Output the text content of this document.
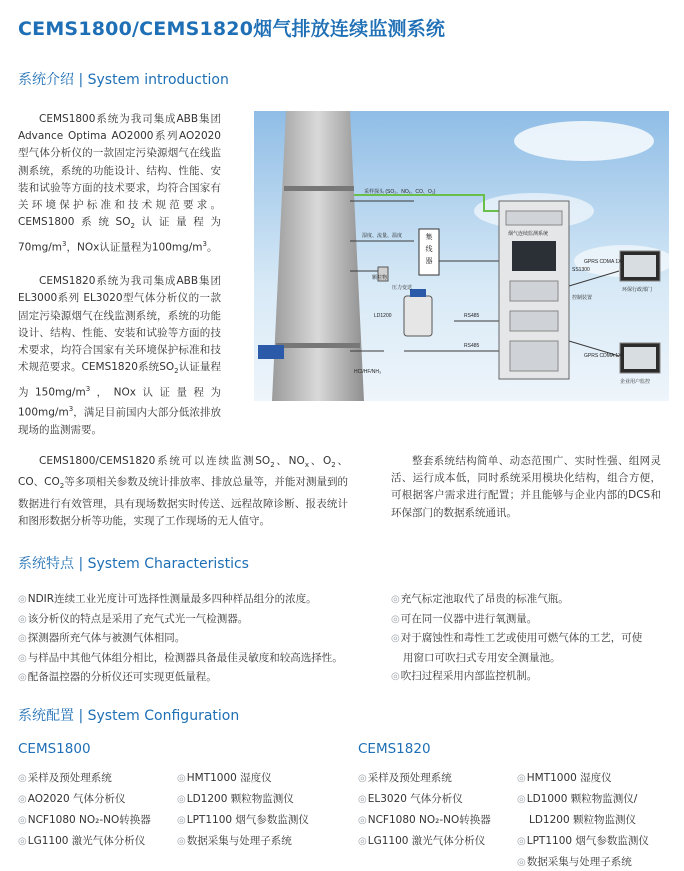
CEMS1800/CEMS1820烟气排放连续监测系统
系统介绍 | System introduction

CEMS1800系统为我司集成ABB集团Advance Optima AO2000系列AO2020型气体分析仪的一款固定污染源烟气在线监测系统，系统的功能设计、结构、性能、安装和试验等方面的技术要求，均符合国家有关环境保护标准和技术规范要求。CEMS1800系统$SO_2$认证量程为$70mg/m^3$，NOx认证量程为$100mg/m^3$。

CEMS1820系统为我司集成ABB集团EL3000系列 EL3020型气体分析仪的一款固定污染源烟气在线监测系统，系统的功能设计、结构、性能、安装和试验等方面的技术要求，均符合国家有关环境保护标准和技术规范要求。CEMS1820系统$SO_2$认证量程为$150mg/m^3$，NOx认证量程为$100mg/m^3$，满足目前国内大部分低浓排放现场的监测需要。

集
线
器
采样探头 (SO₂、NOₓ、CO、O₂)
湿度、流量、温度
颗粒物
压力变送
LD1200	RS485
RS485
HCl/HF/NH₃
SS1300
控制装置
GPRS CDMA 1X
GPRS CDMA 1X
环保行政部门
企业用户监控
烟气连续监测系统

CEMS1800/CEMS1820系统可以连续监测$SO_2$、$NO_x$、$O_2$、CO、$CO_2$等多项相关参数及统计排放率、排放总量等，并能对测量到的数据进行有效管理，具有现场数据实时传送、远程故障诊断、报表统计和图形数据分析等功能，实现了工作现场的无人值守。

整套系统结构简单、动态范围广、实时性强、组网灵活、运行成本低，同时系统采用模块化结构，组合方便，可根据客户需求进行配置；并且能够与企业内部的DCS和环保部门的数据系统通讯。

系统特点 | System Characteristics
◎NDIR连续工业光度计可选择性测量最多四种样品组分的浓度。
◎该分析仪的特点是采用了充气式光一气检测器。
◎探测器所充气体与被测气体相同。
◎与样品中其他气体组分相比，检测器具备最佳灵敏度和较高选择性。
◎配备温控器的分析仪还可实现更低量程。
◎充气标定池取代了昂贵的标准气瓶。
◎可在同一仪器中进行氧测量。
◎对于腐蚀性和毒性工艺或使用可燃气体的工艺，可使
用窗口可吹扫式专用安全测量池。
◎吹扫过程采用内部监控机制。
系统配置 | System Configuration
CEMS1800	CEMS1820
◎采样及预处理系统
◎AO2020 气体分析仪
◎NCF1080 NO₂-NO转换器
◎LG1100 激光气体分析仪
◎HMT1000 湿度仪
◎LD1200 颗粒物监测仪
◎LPT1100 烟气参数监测仪
◎数据采集与处理子系统
◎采样及预处理系统
◎EL3020 气体分析仪
◎NCF1080 NO₂-NO转换器
◎LG1100 激光气体分析仪
◎HMT1000 湿度仪
◎LD1000 颗粒物监测仪/
LD1200 颗粒物监测仪
◎LPT1100 烟气参数监测仪
◎数据采集与处理子系统
